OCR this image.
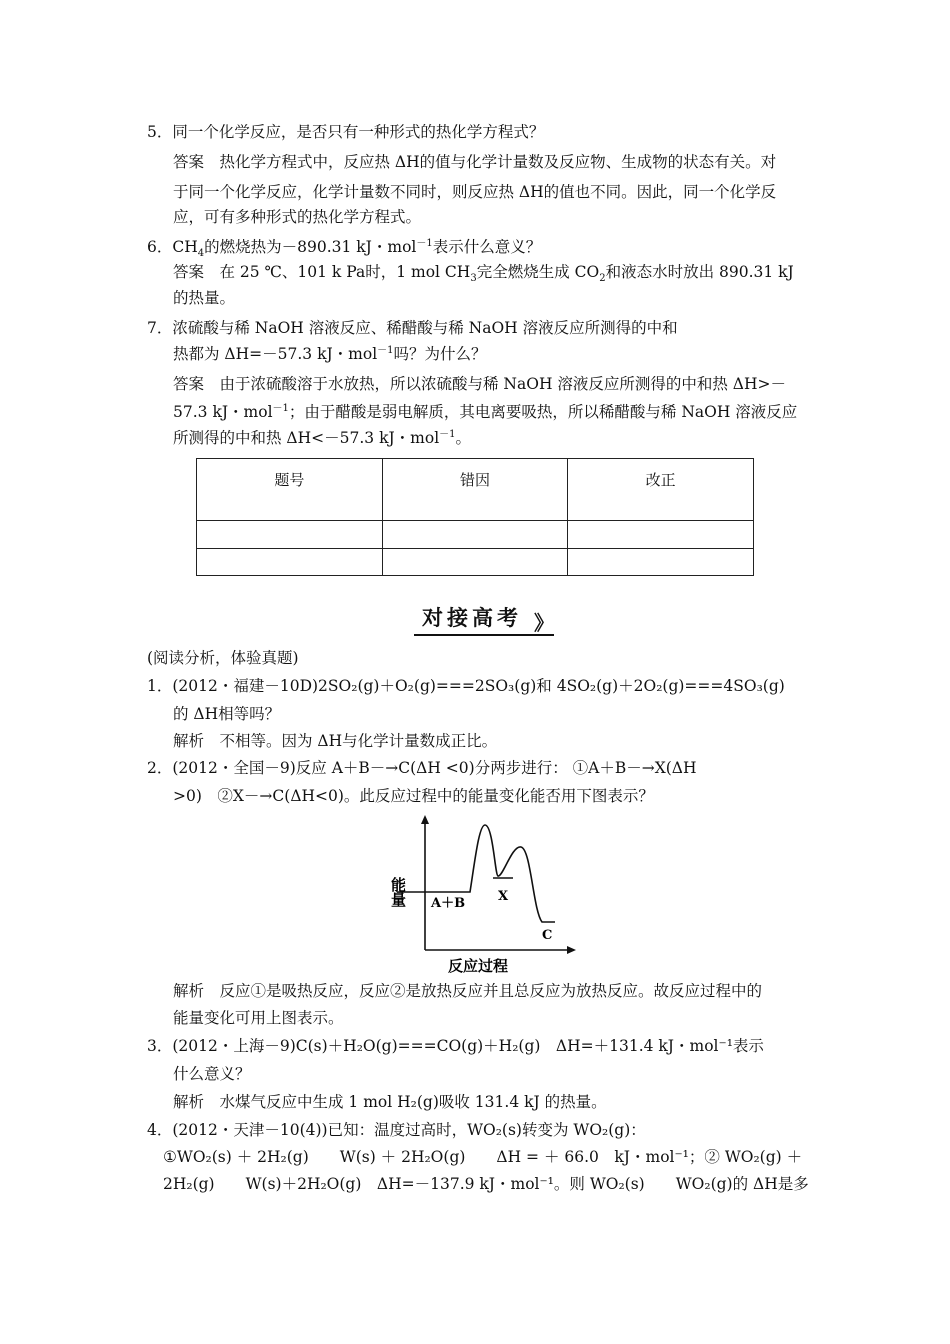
5．同一个化学反应，是否只有一种形式的热化学方程式？
答案　热化学方程式中，反应热 ΔH的值与化学计量数及反应物、生成物的状态有关。对
于同一个化学反应，化学计量数不同时，则反应热 ΔH的值也不同。因此，同一个化学反
应，可有多种形式的热化学方程式。
6．$CH_4$的燃烧热为－890.31 kJ・mol$^{-1}$表示什么意义？
答案　在 25 ℃、101 k Pa时，1 mol $CH_3$完全燃烧生成 $CO_2$和液态水时放出 890.31 kJ
的热量。
7．浓硫酸与稀 NaOH 溶液反应、稀醋酸与稀 NaOH 溶液反应所测得的中和
热都为 ΔH=－57.3 kJ・mol$^{-1}$吗？为什么？
答案　由于浓硫酸溶于水放热，所以浓硫酸与稀 NaOH 溶液反应所测得的中和热 ΔH>－
57.3 kJ・mol$^{-1}$；由于醋酸是弱电解质，其电离要吸热，所以稀醋酸与稀 NaOH 溶液反应
所测得的中和热 ΔH<－57.3 kJ・mol$^{-1}$。
题号	错因	改正

对接高考 》
(阅读分析，体验真题)
1．(2012・福建－10D)2SO₂(g)＋O₂(g)===2SO₃(g)和 4SO₂(g)＋2O₂(g)===4SO₃(g)
的 ΔH相等吗？
解析　不相等。因为 ΔH与化学计量数成正比。
2．(2012・全国－9)反应 A＋B－→C(ΔH <0)分两步进行： ①A＋B－→X(ΔH
>0)　②X－→C(ΔH<0)。此反应过程中的能量变化能否用下图表示？
能量 A＋B	X
C
反应过程
解析　反应①是吸热反应，反应②是放热反应并且总反应为放热反应。故反应过程中的
能量变化可用上图表示。
3．(2012・上海－9)C(s)＋H₂O(g)===CO(g)＋H₂(g)　ΔH=＋131.4 kJ・mol⁻¹表示
什么意义？
解析　水煤气反应中生成 1 mol H₂(g)吸收 131.4 kJ 的热量。
4．(2012・天津－10(4))已知：温度过高时，WO₂(s)转变为 WO₂(g)：
①WO₂(s) ＋ 2H₂(g)　　W(s) ＋ 2H₂O(g)　　ΔH = ＋ 66.0　kJ・mol⁻¹；② WO₂(g) ＋
2H₂(g)　　W(s)＋2H₂O(g)　ΔH=－137.9 kJ・mol⁻¹。则 WO₂(s)　　WO₂(g)的 ΔH是多
